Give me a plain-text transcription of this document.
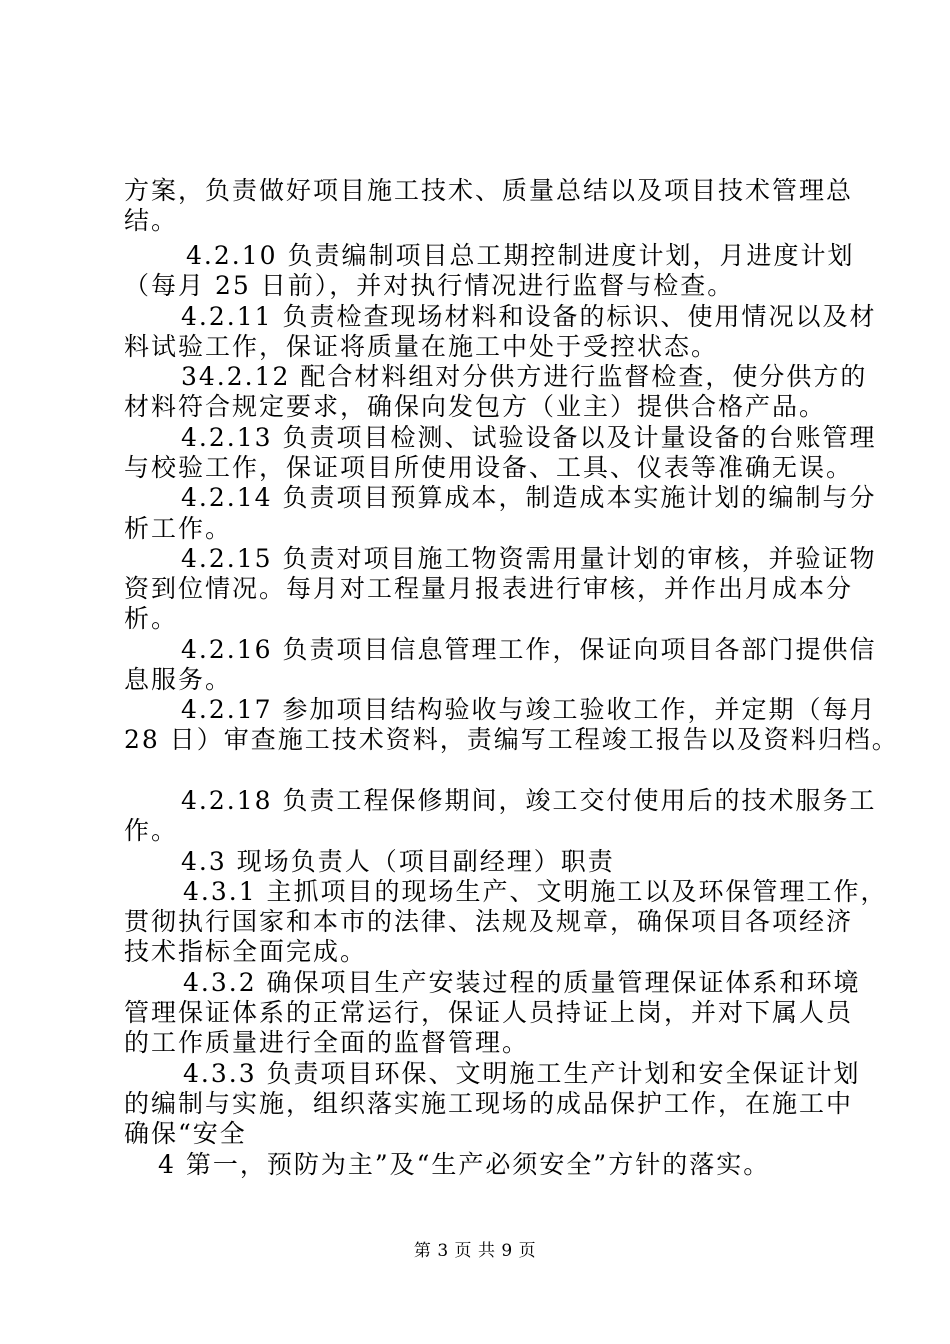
方案，负责做好项目施工技术、质量总结以及项目技术管理总
结。
4.2.10 负责编制项目总工期控制进度计划，月进度计划
（每月 25 日前），并对执行情况进行监督与检查。
4.2.11 负责检查现场材料和设备的标识、使用情况以及材
料试验工作，保证将质量在施工中处于受控状态。
34.2.12 配合材料组对分供方进行监督检查，使分供方的
材料符合规定要求，确保向发包方（业主）提供合格产品。
4.2.13 负责项目检测、试验设备以及计量设备的台账管理
与校验工作，保证项目所使用设备、工具、仪表等准确无误。
4.2.14 负责项目预算成本，制造成本实施计划的编制与分
析工作。
4.2.15 负责对项目施工物资需用量计划的审核，并验证物
资到位情况。每月对工程量月报表进行审核，并作出月成本分
析。
4.2.16 负责项目信息管理工作，保证向项目各部门提供信
息服务。
4.2.17 参加项目结构验收与竣工验收工作，并定期（每月
28 日）审查施工技术资料，责编写工程竣工报告以及资料归档。
4.2.18 负责工程保修期间，竣工交付使用后的技术服务工
作。
4.3 现场负责人（项目副经理）职责
4.3.1 主抓项目的现场生产、文明施工以及环保管理工作，
贯彻执行国家和本市的法律、法规及规章，确保项目各项经济
技术指标全面完成。
4.3.2 确保项目生产安装过程的质量管理保证体系和环境
管理保证体系的正常运行，保证人员持证上岗，并对下属人员
的工作质量进行全面的监督管理。
4.3.3 负责项目环保、文明施工生产计划和安全保证计划
的编制与实施，组织落实施工现场的成品保护工作，在施工中
确保“安全
4 第一，预防为主”及“生产必须安全”方针的落实。
第 3 页 共 9 页
